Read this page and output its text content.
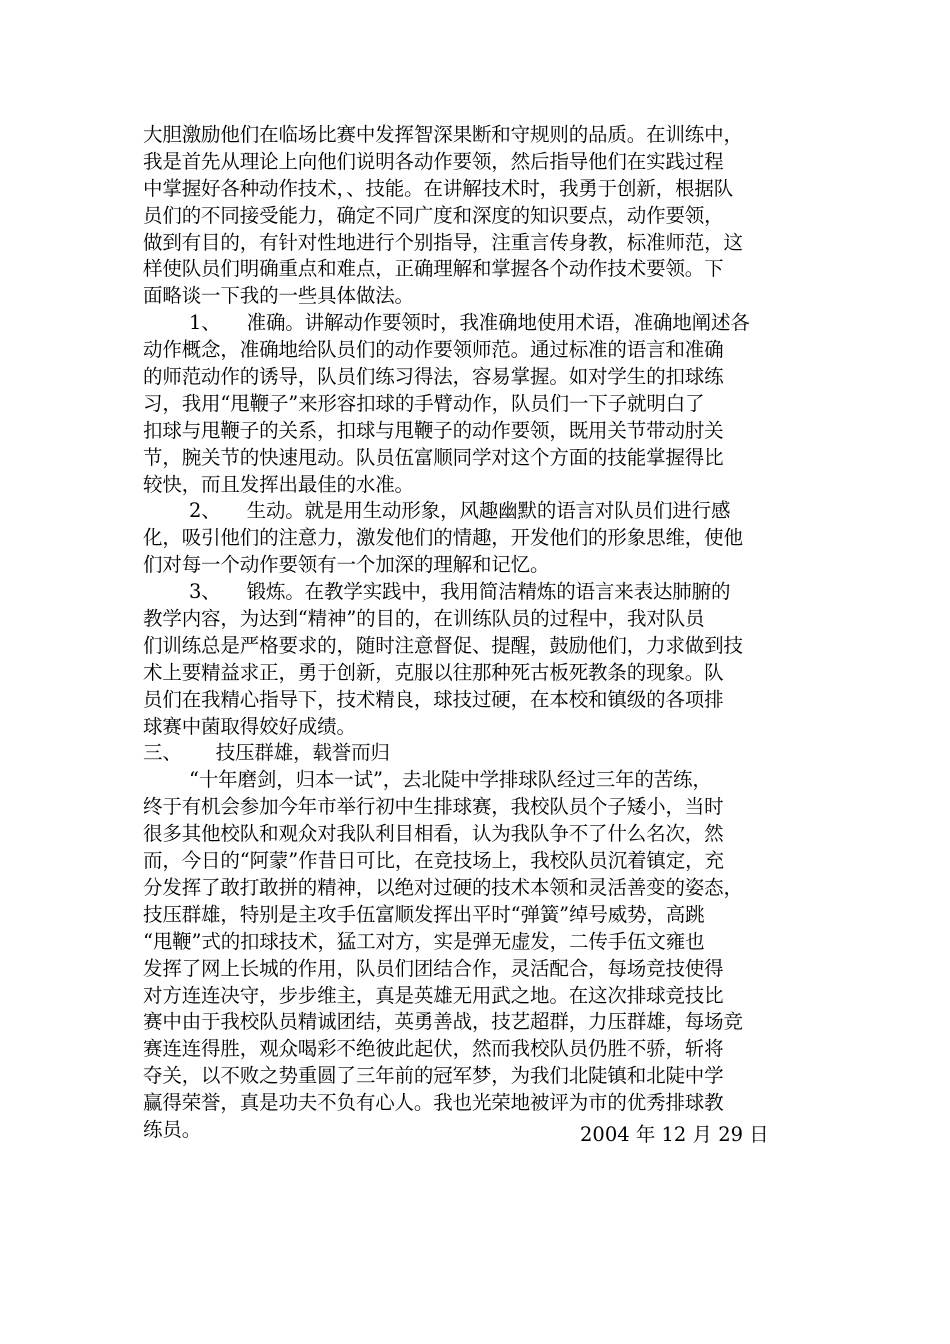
大胆激励他们在临场比赛中发挥智深果断和守规则的品质。在训练中，
我是首先从理论上向他们说明各动作要领，然后指导他们在实践过程
中掌握好各种动作技术，、技能。在讲解技术时，我勇于创新，根据队
员们的不同接受能力，确定不同广度和深度的知识要点，动作要领，
做到有目的，有针对性地进行个别指导，注重言传身教，标准师范，这
样使队员们明确重点和难点，正确理解和掌握各个动作技术要领。下
面略谈一下我的一些具体做法。
1、 准确。讲解动作要领时，我准确地使用术语，准确地阐述各
动作概念，准确地给队员们的动作要领师范。通过标准的语言和准确
的师范动作的诱导，队员们练习得法，容易掌握。如对学生的扣球练
习，我用“甩鞭子”来形容扣球的手臂动作，队员们一下子就明白了
扣球与甩鞭子的关系，扣球与甩鞭子的动作要领，既用关节带动肘关
节，腕关节的快速甩动。队员伍富顺同学对这个方面的技能掌握得比
较快，而且发挥出最佳的水准。
2、 生动。就是用生动形象，风趣幽默的语言对队员们进行感
化，吸引他们的注意力，激发他们的情趣，开发他们的形象思维，使他
们对每一个动作要领有一个加深的理解和记忆。
3、 锻炼。在教学实践中，我用简洁精炼的语言来表达肺腑的
教学内容，为达到“精神”的目的，在训练队员的过程中，我对队员
们训练总是严格要求的，随时注意督促、提醒，鼓励他们，力求做到技
术上要精益求正，勇于创新，克服以往那种死古板死教条的现象。队
员们在我精心指导下，技术精良，球技过硬，在本校和镇级的各项排
球赛中菌取得姣好成绩。
三、 技压群雄，载誉而归
“十年磨剑，归本一试”，去北陡中学排球队经过三年的苦练，
终于有机会参加今年市举行初中生排球赛，我校队员个子矮小，当时
很多其他校队和观众对我队利目相看，认为我队争不了什么名次，然
而，今日的“阿蒙”作昔日可比，在竞技场上，我校队员沉着镇定，充
分发挥了敢打敢拼的精神，以绝对过硬的技术本领和灵活善变的姿态，
技压群雄，特别是主攻手伍富顺发挥出平时“弹簧”绰号威势，高跳
“甩鞭”式的扣球技术，猛工对方，实是弹无虚发，二传手伍文雍也
发挥了网上长城的作用，队员们团结合作，灵活配合，每场竞技使得
对方连连决守，步步维主，真是英雄无用武之地。在这次排球竞技比
赛中由于我校队员精诚团结，英勇善战，技艺超群，力压群雄，每场竞
赛连连得胜，观众喝彩不绝彼此起伏，然而我校队员仍胜不骄，斩将
夺关，以不败之势重圆了三年前的冠军梦，为我们北陡镇和北陡中学
赢得荣誉，真是功夫不负有心人。我也光荣地被评为市的优秀排球教
练员。	2004 年 12 月 29 日
